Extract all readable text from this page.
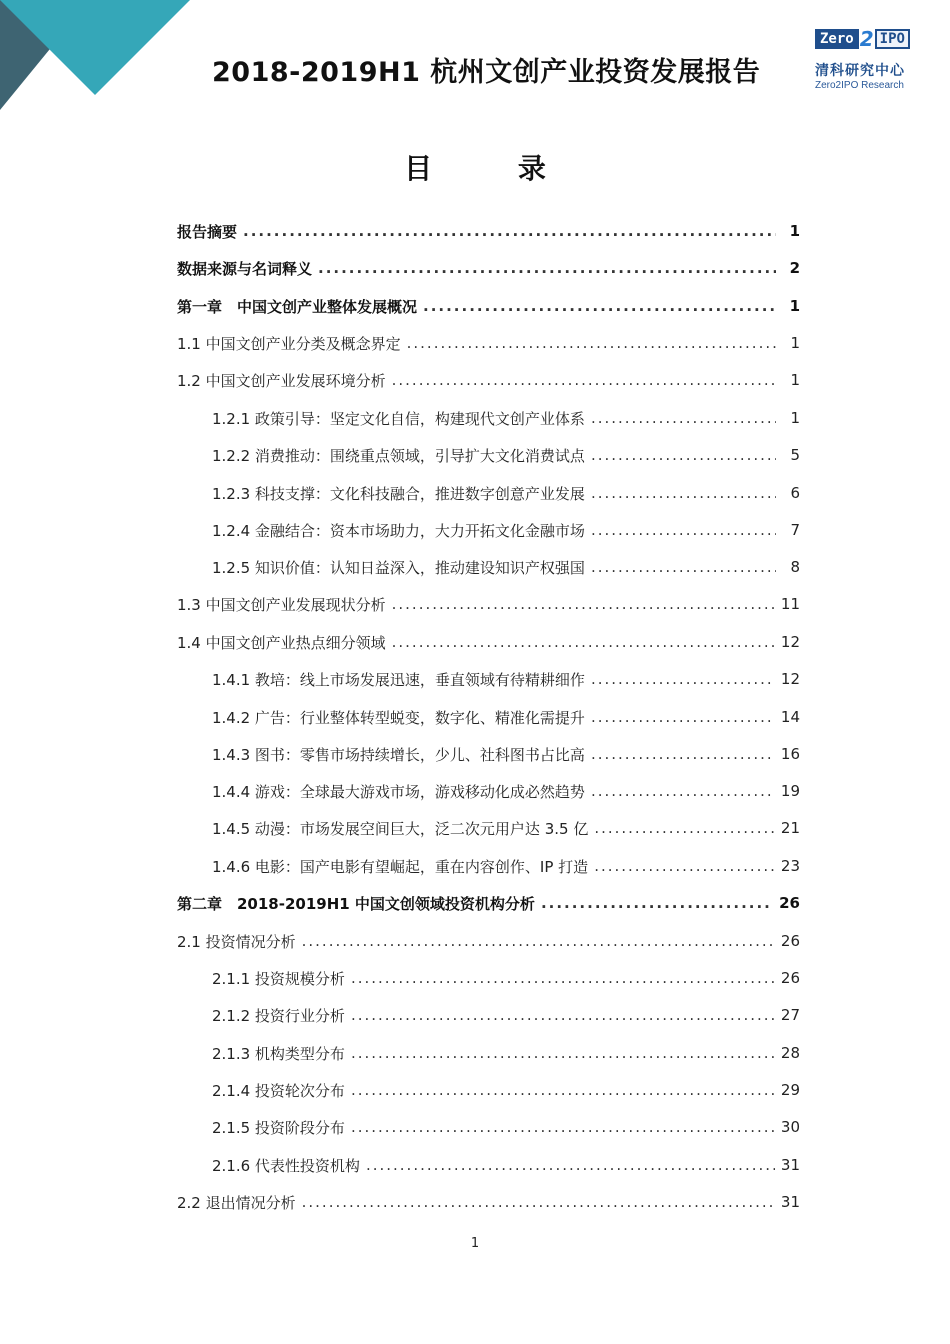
2018-2019H1 杭州文创产业投资发展报告
Zero 2 IPO
清科研究中心
Zero2IPO Research
目 录
报告摘要 .....	1
数据来源与名词释义 .....	2
第一章　中国文创产业整体发展概况 .....	1
1.1 中国文创产业分类及概念界定 .....	1
1.2 中国文创产业发展环境分析 .....	1
1.2.1 政策引导：坚定文化自信，构建现代文创产业体系 .....	1
1.2.2 消费推动：围绕重点领域，引导扩大文化消费试点 .....	5
1.2.3 科技支撑：文化科技融合，推进数字创意产业发展 .....	6
1.2.4 金融结合：资本市场助力，大力开拓文化金融市场 .....	7
1.2.5 知识价值：认知日益深入，推动建设知识产权强国 .....	8
1.3 中国文创产业发展现状分析 .....	11
1.4 中国文创产业热点细分领域 .....	12
1.4.1 教培：线上市场发展迅速，垂直领域有待精耕细作 .....	12
1.4.2 广告：行业整体转型蜕变，数字化、精准化需提升 .....	14
1.4.3 图书：零售市场持续增长，少儿、社科图书占比高 .....	16
1.4.4 游戏：全球最大游戏市场，游戏移动化成必然趋势 .....	19
1.4.5 动漫：市场发展空间巨大，泛二次元用户达 3.5 亿 .....	21
1.4.6 电影：国产电影有望崛起，重在内容创作、IP 打造 .....	23
第二章　2018-2019H1 中国文创领域投资机构分析 .....	26
2.1 投资情况分析 .....	26
2.1.1 投资规模分析 .....	26
2.1.2 投资行业分析 .....	27
2.1.3 机构类型分布 .....	28
2.1.4 投资轮次分布 .....	29
2.1.5 投资阶段分布 .....	30
2.1.6 代表性投资机构 .....	31
2.2 退出情况分析 .....	31
1
